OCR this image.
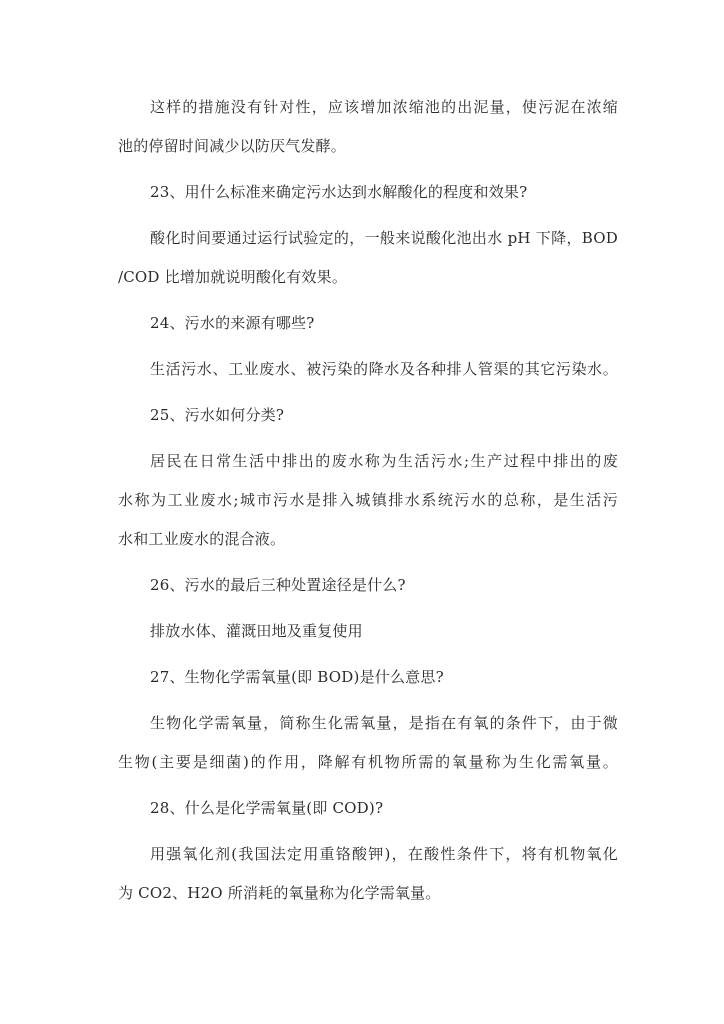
这样的措施没有针对性，应该增加浓缩池的出泥量，使污泥在浓缩
池的停留时间减少以防厌气发酵。
23、用什么标准来确定污水达到水解酸化的程度和效果?
酸化时间要通过运行试验定的，一般来说酸化池出水 pH 下降，BOD
/COD 比增加就说明酸化有效果。
24、污水的来源有哪些?
生活污水、工业废水、被污染的降水及各种排人管渠的其它污染水。
25、污水如何分类?
居民在日常生活中排出的废水称为生活污水;生产过程中排出的废
水称为工业废水;城市污水是排入城镇排水系统污水的总称，是生活污
水和工业废水的混合液。
26、污水的最后三种处置途径是什么?
排放水体、灌溉田地及重复使用
27、生物化学需氧量(即 BOD)是什么意思?
生物化学需氧量，简称生化需氧量，是指在有氧的条件下，由于微
生物(主要是细菌)的作用，降解有机物所需的氧量称为生化需氧量。
28、什么是化学需氧量(即 COD)?
用强氧化剂(我国法定用重铬酸钾)，在酸性条件下，将有机物氧化
为 CO2、H2O 所消耗的氧量称为化学需氧量。
